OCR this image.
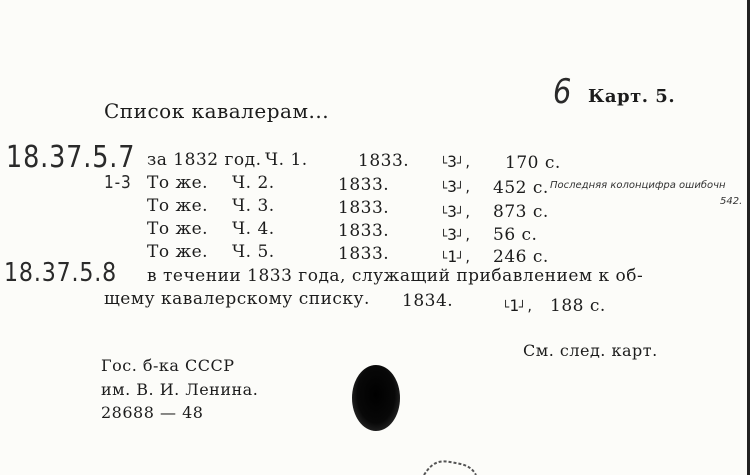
Список кавалерам...	6 Карт. 5.
18.37.5.7
1-3
18.37.5.8
за 1832 год. Ч. 1.	1833.	└3┘, 170 с.
То же. Ч. 2.	1833.	└3┘, 452 с.
То же. Ч. 3.	1833.	└3┘, 873 с.
То же. Ч. 4.	1833.	└3┘, 56 с.
То же. Ч. 5.	1833.	└1┘, 246 с.
Последняя колонцифра ошибочн
542.
в течении 1833 года, служащий прибавлением к об-
щему кавалерскому списку. 1834.	└1┘, 188 с.
См. след. карт.
Гос. б-ка СССР
им. В. И. Ленина.
28688 — 48
